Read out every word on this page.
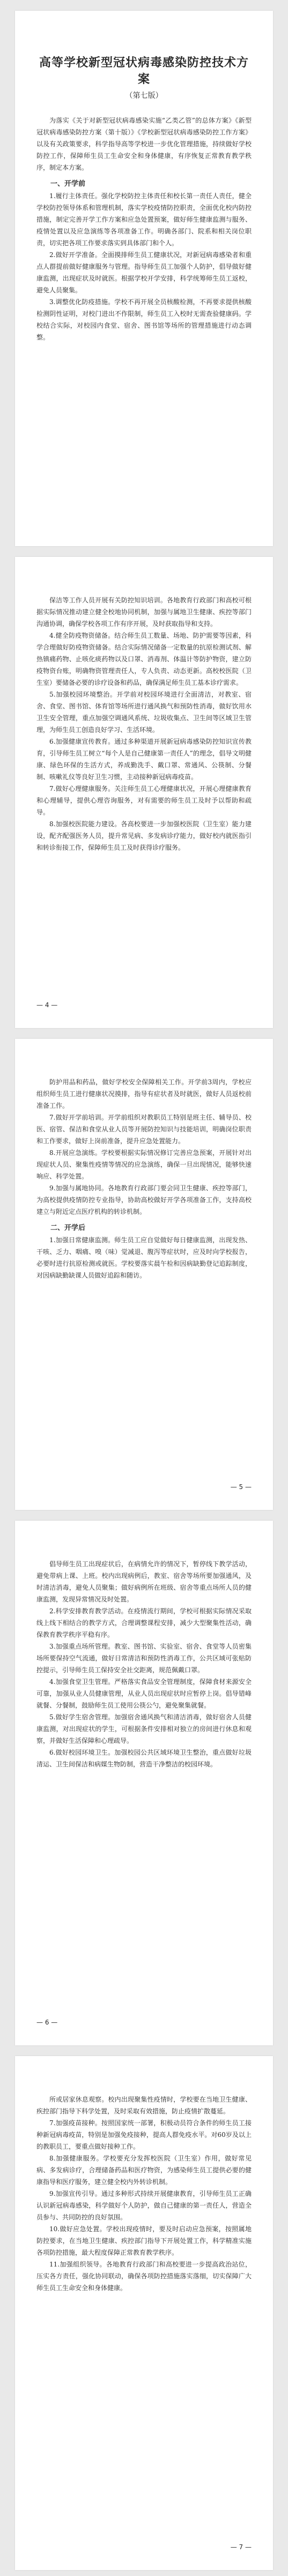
高等学校新型冠状病毒感染防控技术方案
（第七版）

为落实《关于对新型冠状病毒感染实施“乙类乙管”的总体方案》《新型冠状病毒感染防控方案（第十版）》《学校新型冠状病毒感染防控工作方案》以及有关政策要求，科学指导高等学校进一步优化管理措施，持续做好学校防控工作，保障师生员工生命安全和身体健康，有序恢复正常教育教学秩序，制定本方案。

一、开学前

1.履行主体责任。强化学校防控主体责任和校长第一责任人责任，健全学校防控领导体系和管理机制，落实学校疫情防控职责，全面优化校内防控措施，制定完善开学工作方案和应急处置预案，做好师生健康监测与服务、疫情处置以及应急演练等各项准备工作。明确各部门、院系和相关岗位职责，切实把各项工作要求落实到具体部门和个人。

2.做好开学准备。全面摸排师生员工健康状况，对新冠病毒感染者和重点人群提前做好健康服务与管理。指导师生员工加强个人防护，倡导做好健康监测，出现症状及时就医。根据学校开学安排，科学统筹师生员工返校，避免人员聚集。

3.调整优化防疫措施。学校不再开展全员核酸检测，不再要求提供核酸检测阴性证明，对校门进出不作限制，师生员工入校时无需查验健康码。学校结合实际，对校园内食堂、宿舍、图书馆等场所的管理措施进行动态调整。

保洁等工作人员开展有关防控知识培训。各地教育行政部门和高校可根据实际情况推动建立健全校地协同机制，加强与属地卫生健康、疾控等部门沟通协调，确保学校各项工作有序开展，及时获取指导和支持。

4.健全防疫物资储备。结合师生员工数量、场地、防护需要等因素，科学合理做好防疫物资储备。结合实际情况储备一定数量的抗原检测试剂、解热镇痛药物、止咳化痰药物以及口罩、消毒剂、体温计等防护物资，建立防疫物资台账，明确物资管理责任人，专人负责、动态更新。高校校医院（卫生室）要储备必要的诊疗设备和药品，确保满足师生员工基本诊疗需求。

5.加强校园环境整治。开学前对校园环境进行全面清洁，对教室、宿舍、食堂、图书馆、体育馆等场所进行通风换气和预防性消毒，做好饮用水卫生安全管理，重点加强空调通风系统、垃圾收集点、卫生间等区域卫生管理，为师生员工创造良好学习、生活环境。

6.加强健康宣传教育。通过多种渠道开展新冠病毒感染防控知识宣传教育，引导师生员工树立“每个人是自己健康第一责任人”的理念，倡导文明健康、绿色环保的生活方式，养成勤洗手、戴口罩、常通风、公筷制、分餐制、咳嗽礼仪等良好卫生习惯，主动接种新冠病毒疫苗。

7.做好心理健康服务。关注师生员工心理健康状况，开展心理健康教育和心理辅导，提供心理咨询服务，对有需要的师生员工及时予以帮助和疏导。

8.加强校医院能力建设。各高校要进一步加强校医院（卫生室）能力建设，配齐配强医务人员，提升常见病、多发病诊疗能力，做好校内就医指引和转诊衔接工作，保障师生员工及时获得诊疗服务。

— 4 —

防护用品和药品，做好学校安全保障相关工作。开学前3周内，学校应组织师生员工进行健康状况摸排，指导有症状者及时就医，做好人员返校前准备工作。

7.做好开学前培训。开学前组织对教职员工特别是班主任、辅导员、校医、宿管、保洁和食堂从业人员等开展防控知识与技能培训，明确岗位职责和工作要求，做好上岗前准备，提升应急处置能力。

8.开展应急演练。学校要根据实际情况修订完善应急预案，开展针对出现症状人员、聚集性疫情等情况的应急演练，确保一旦出现情况，能够快速响应、科学处置。

9.加强与属地协同。各地教育行政部门要会同卫生健康、疾控等部门，为高校提供疫情防控专业指导，协助高校做好开学各项准备工作，支持高校建立与附近定点医疗机构的转诊机制。

二、开学后

1.加强日常健康监测。师生员工应自觉做好每日健康监测，出现发热、干咳、乏力、咽痛、嗅（味）觉减退、腹泻等症状时，应及时向学校报告，必要时进行抗原检测或就医。学校要落实晨午检和因病缺勤登记追踪制度，对因病缺勤缺课人员做好追踪和随访。

— 5 —

倡导师生员工出现症状后，在病情允许的情况下，暂停线下教学活动，避免带病上课、上班。校内出现病例后，教室、宿舍等场所要加强通风，及时清洁消毒，避免人员聚集；做好病例所在班级、宿舍等重点场所人员的健康监测，发现异常情况及时处置。

2.科学安排教育教学活动。在疫情流行期间，学校可根据实际情况采取线上线下相结合的教学方式，合理调整课程安排，减少大型聚集性活动，确保教育教学秩序平稳有序。

3.加强重点场所管理。教室、图书馆、实验室、宿舍、食堂等人员密集场所要保持空气流通，做好日常清洁和预防性消毒工作，公共区域可张贴防控提示，引导师生员工保持安全社交距离，规范佩戴口罩。

4.加强食堂卫生管理。严格落实食品安全管理制度，保障食材来源安全可靠，加强从业人员健康管理，从业人员出现症状时应暂停上岗。倡导错峰就餐、分餐制，鼓励师生员工使用公筷公勺，避免聚集就餐。

5.做好学生宿舍管理。加强宿舍通风换气和清洁消毒，做好宿舍人员健康监测，对出现症状的学生，可根据条件安排相对独立的房间进行休息和观察，并做好生活保障和心理疏导。

6.做好校园环境卫生。加强校园公共区域环境卫生整治，重点做好垃圾清运、卫生间保洁和病媒生物防制，营造干净整洁的校园环境。

— 6 —

所或居家休息观察。校内出现聚集性疫情时，学校要在当地卫生健康、疾控部门指导下科学处置，及时采取有效措施，防止疫情扩散蔓延。

7.加强疫苗接种。按照国家统一部署，积极动员符合条件的师生员工接种新冠病毒疫苗，特别是加强免疫接种，提高人群免疫水平。对60岁及以上的教职员工，要重点做好接种工作。

8.加强健康服务。学校要充分发挥校医院（卫生室）作用，做好常见病、多发病诊疗，合理储备药品和医疗物资，为感染师生员工提供必要的健康指导和医疗服务，建立健全校内外转诊机制。

9.加强宣传引导。通过多种形式持续开展健康教育，引导师生员工正确认识新冠病毒感染，科学做好个人防护，做自己健康的第一责任人，营造全员参与、共同防控的良好氛围。

10.做好应急处置。学校出现疫情时，要及时启动应急预案，按照属地防控要求，在当地卫生健康、疾控部门指导下开展处置工作，科学精准实施各项防控措施，最大程度保障正常教育教学秩序。

11.加强组织领导。各地教育行政部门和高校要进一步提高政治站位，压实各方责任，强化协同联动，确保各项防控措施落实落细，切实保障广大师生员工生命安全和身体健康。

— 7 —
